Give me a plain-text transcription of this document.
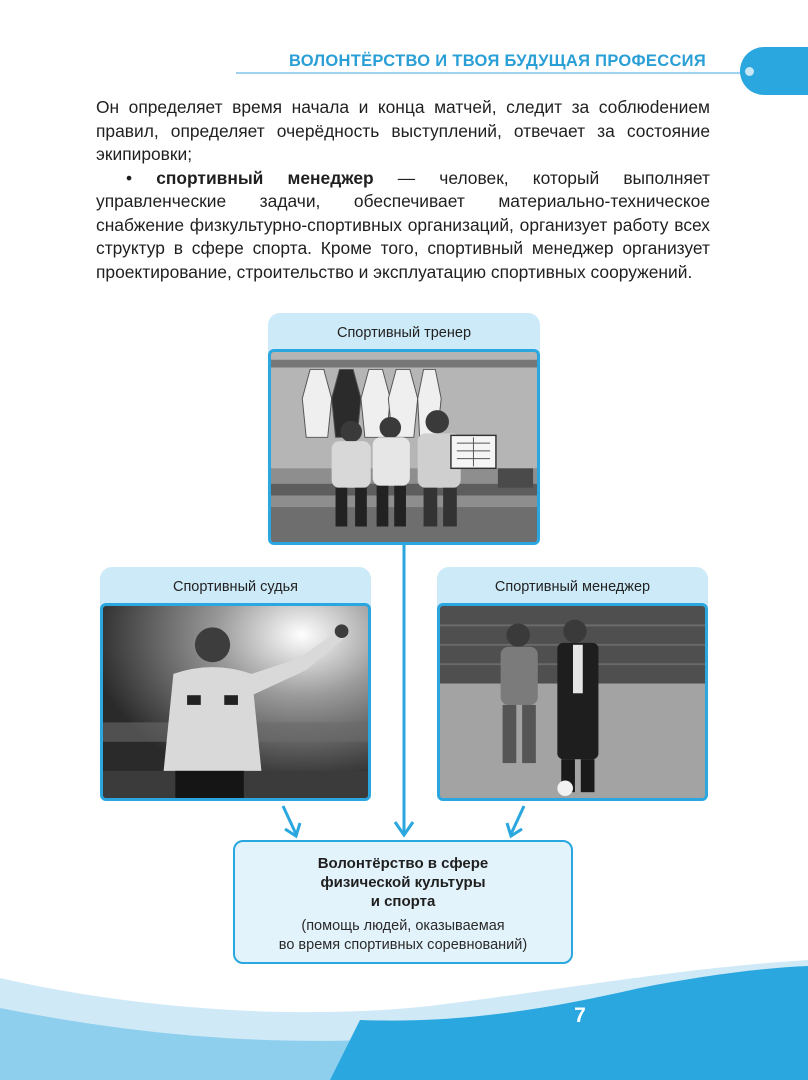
ВОЛОНТЁРСТВО И ТВОЯ БУДУЩАЯ ПРОФЕССИЯ

Он определяет время начала и конца матчей, следит за соблюdением правил, определяет очерёдность выступлений, отвечает за состояние экипировки;

• спортивный менеджер — человек, который выполняет управленческие задачи, обеспечивает материально-техническое снабжение физкультурно-спортивных организаций, организует работу всех структур в сфере спорта. Кроме того, спортивный менеджер организует проектирование, строительство и эксплуатацию спортивных сооружений.

Спортивный тренер
Спортивный судья	Спортивный менеджер
Волонтёрство в сфере
физической культуры
и спорта
(помощь людей, оказываемая
во время спортивных соревнований)
7
